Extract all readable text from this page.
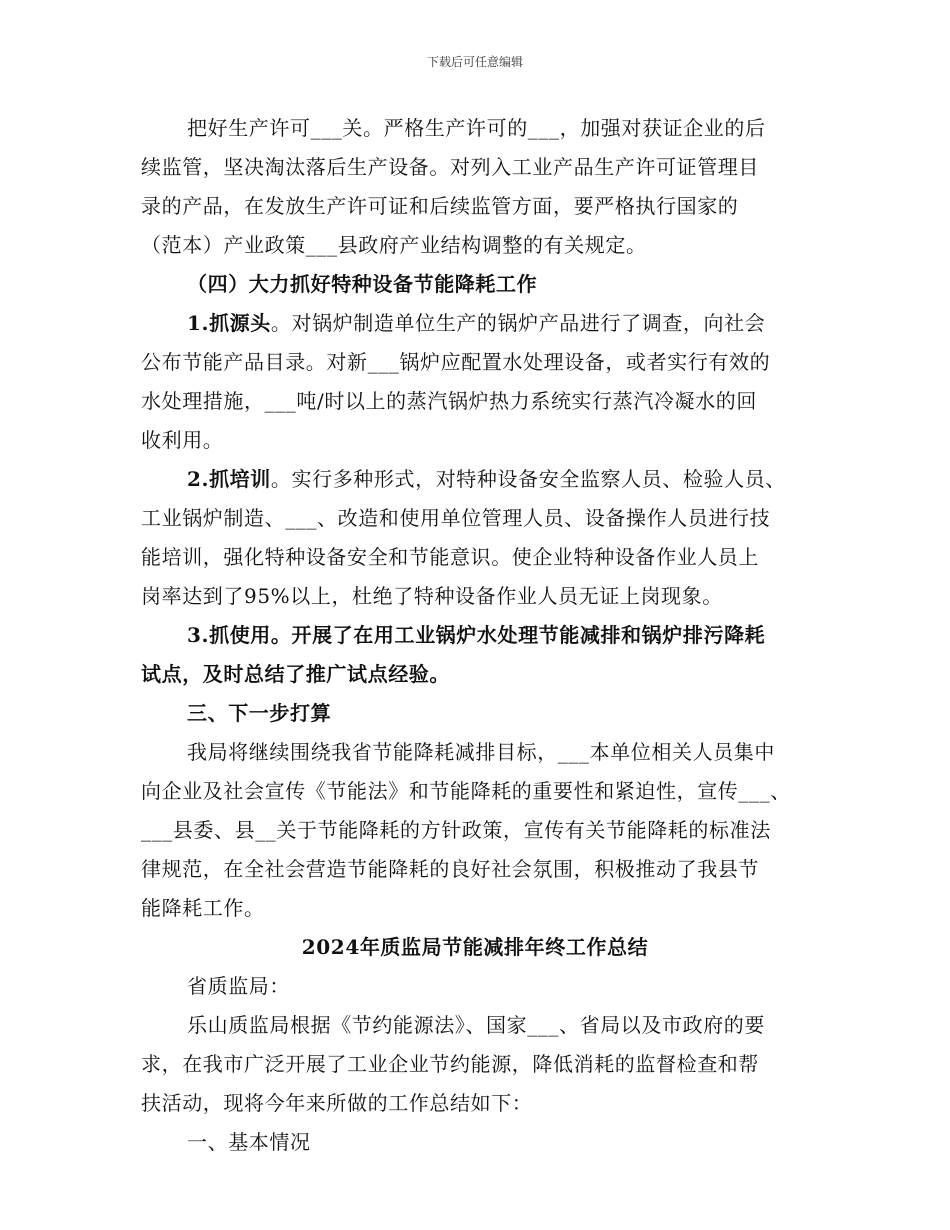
下载后可任意编辑
把好生产许可___关。严格生产许可的___，加强对获证企业的后
续监管，坚决淘汰落后生产设备。对列入工业产品生产许可证管理目
录的产品，在发放生产许可证和后续监管方面，要严格执行国家的
（范本）产业政策___县政府产业结构调整的有关规定。
（四）大力抓好特种设备节能降耗工作
1.抓源头。对锅炉制造单位生产的锅炉产品进行了调查，向社会
公布节能产品目录。对新___锅炉应配置水处理设备，或者实行有效的
水处理措施，___吨/时以上的蒸汽锅炉热力系统实行蒸汽冷凝水的回
收利用。
2.抓培训。实行多种形式，对特种设备安全监察人员、检验人员、
工业锅炉制造、___、改造和使用单位管理人员、设备操作人员进行技
能培训，强化特种设备安全和节能意识。使企业特种设备作业人员上
岗率达到了95%以上，杜绝了特种设备作业人员无证上岗现象。
3.抓使用。开展了在用工业锅炉水处理节能减排和锅炉排污降耗
试点，及时总结了推广试点经验。
三、下一步打算
我局将继续围绕我省节能降耗减排目标，___本单位相关人员集中
向企业及社会宣传《节能法》和节能降耗的重要性和紧迫性，宣传___、
___县委、县__关于节能降耗的方针政策，宣传有关节能降耗的标准法
律规范，在全社会营造节能降耗的良好社会氛围，积极推动了我县节
能降耗工作。
2024年质监局节能减排年终工作总结
省质监局：
乐山质监局根据《节约能源法》、国家___、省局以及市政府的要
求，在我市广泛开展了工业企业节约能源，降低消耗的监督检查和帮
扶活动，现将今年来所做的工作总结如下：
一、基本情况
